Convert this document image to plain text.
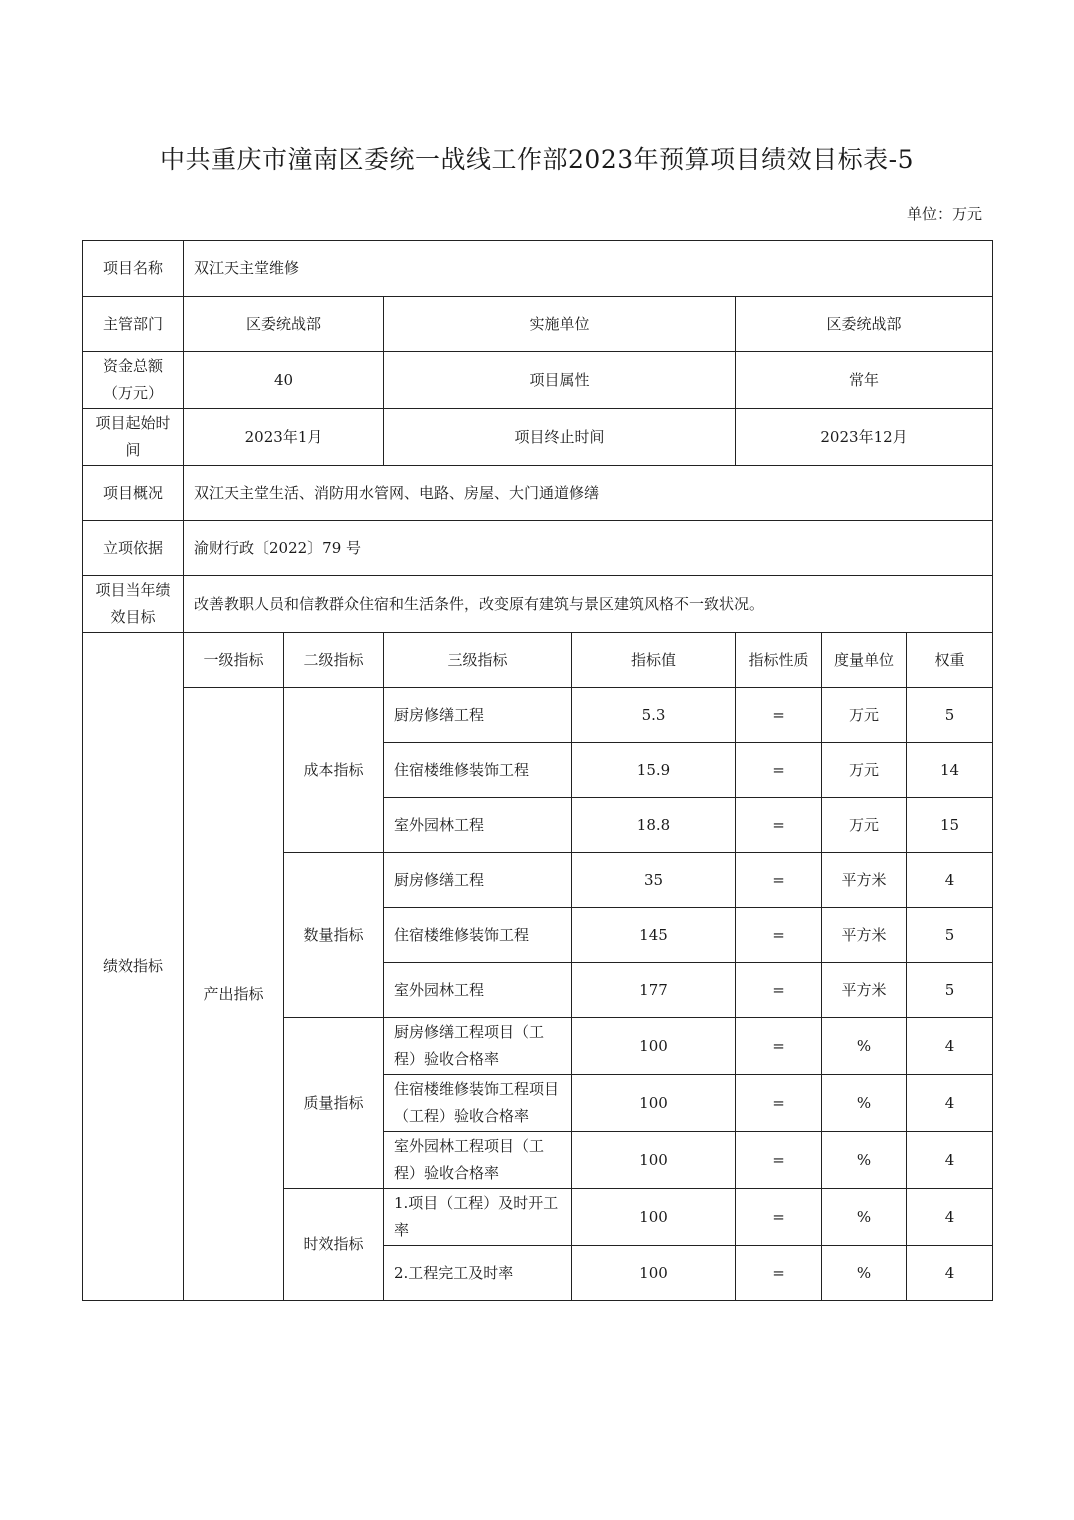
中共重庆市潼南区委统一战线工作部2023年预算项目绩效目标表-5
单位：万元
项目名称	双江天主堂维修						
主管部门	区委统战部		实施单位		区委统战部		
资金总额（万元）	40		项目属性		常年		
项目起始时间	2023年1月		项目终止时间		2023年12月		
项目概况	双江天主堂生活、消防用水管网、电路、房屋、大门通道修缮						
立项依据	渝财行政〔2022〕79 号						
项目当年绩效目标	改善教职人员和信教群众住宿和生活条件，改变原有建筑与景区建筑风格不一致状况。						
绩效指标	一级指标	二级指标	三级指标	指标值	指标性质	度量单位	权重
	产出指标	成本指标	厨房修缮工程	5.3	=	万元	5
			住宿楼维修装饰工程	15.9	=	万元	14
			室外园林工程	18.8	=	万元	15
		数量指标	厨房修缮工程	35	=	平方米	4
			住宿楼维修装饰工程	145	=	平方米	5
			室外园林工程	177	=	平方米	5
		质量指标	厨房修缮工程项目（工程）验收合格率	100	=	%	4
			住宿楼维修装饰工程项目（工程）验收合格率	100	=	%	4
			室外园林工程项目（工程）验收合格率	100	=	%	4
		时效指标	1.项目（工程）及时开工率	100	=	%	4
			2.工程完工及时率	100	=	%	4
